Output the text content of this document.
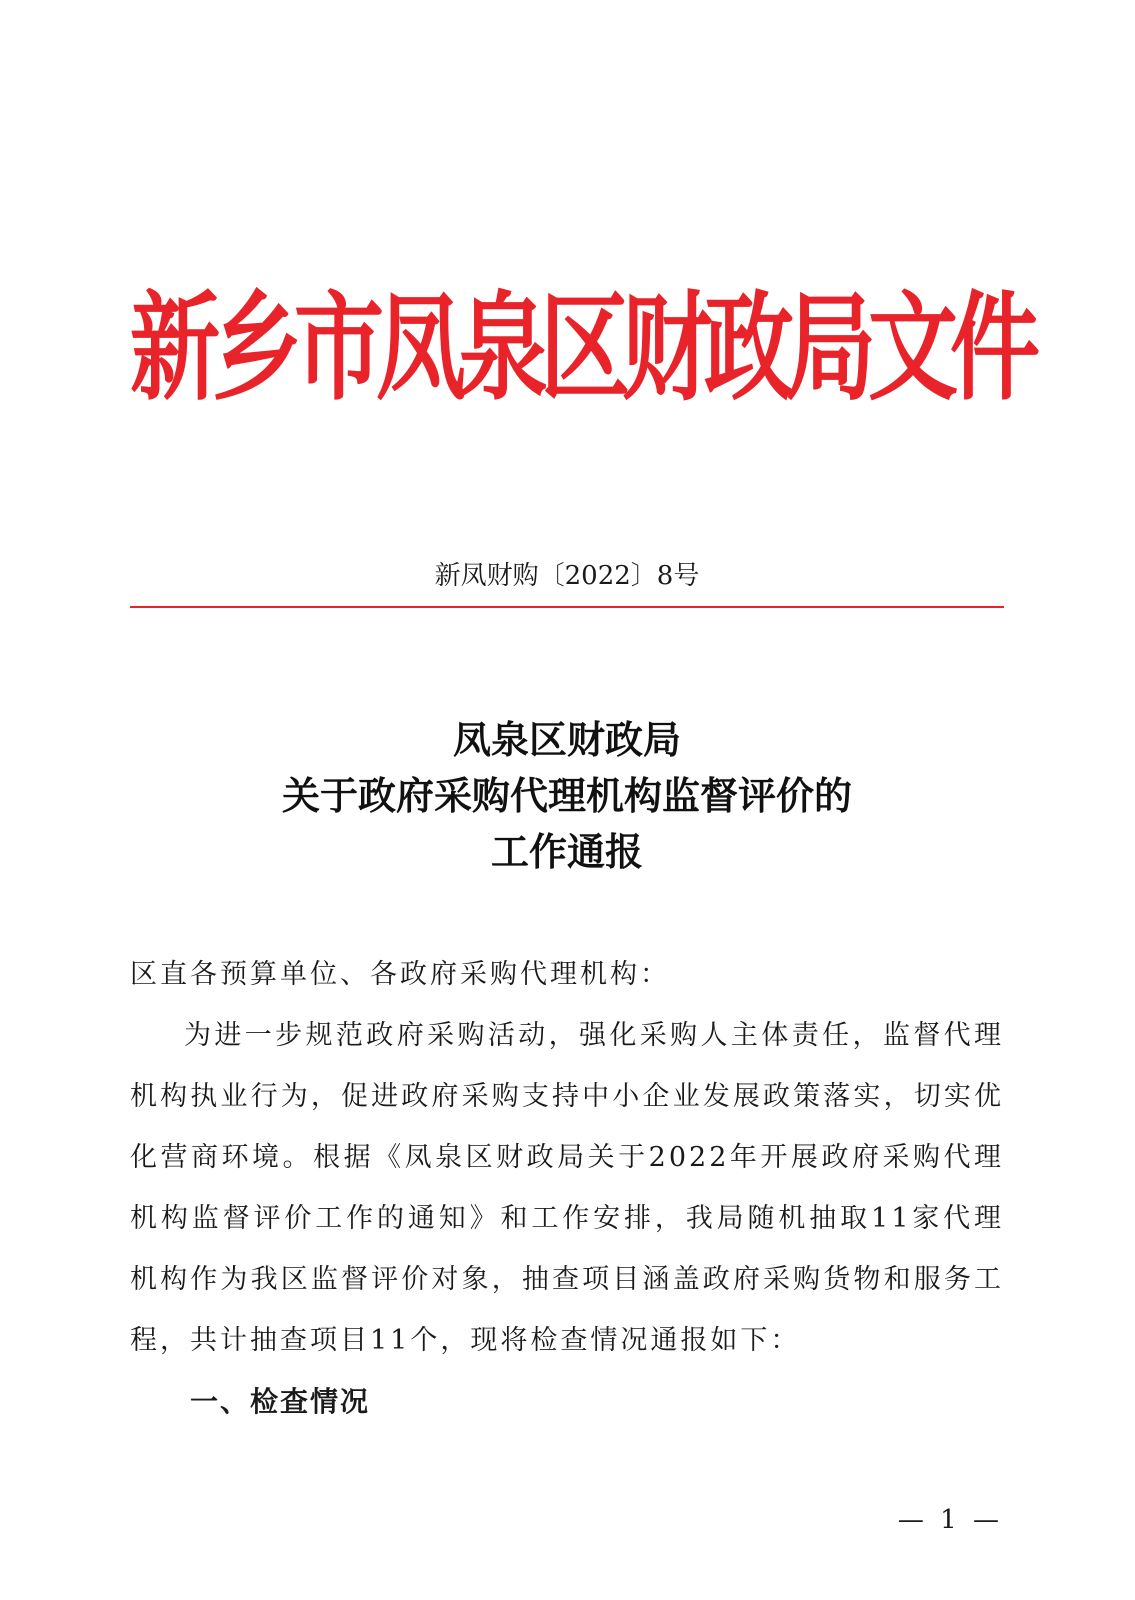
新乡市凤泉区财政局文件
新凤财购〔2022〕8号
凤泉区财政局
关于政府采购代理机构监督评价的
工作通报
区直各预算单位、各政府采购代理机构：
为进一步规范政府采购活动，强化采购人主体责任，监督代理机构执业行为，促进政府采购支持中小企业发展政策落实，切实优化营商环境。根据《凤泉区财政局关于2022年开展政府采购代理机构监督评价工作的通知》和工作安排，我局随机抽取11家代理机构作为我区监督评价对象，抽查项目涵盖政府采购货物和服务工程，共计抽查项目11个，现将检查情况通报如下：
一、检查情况
— 1 —
